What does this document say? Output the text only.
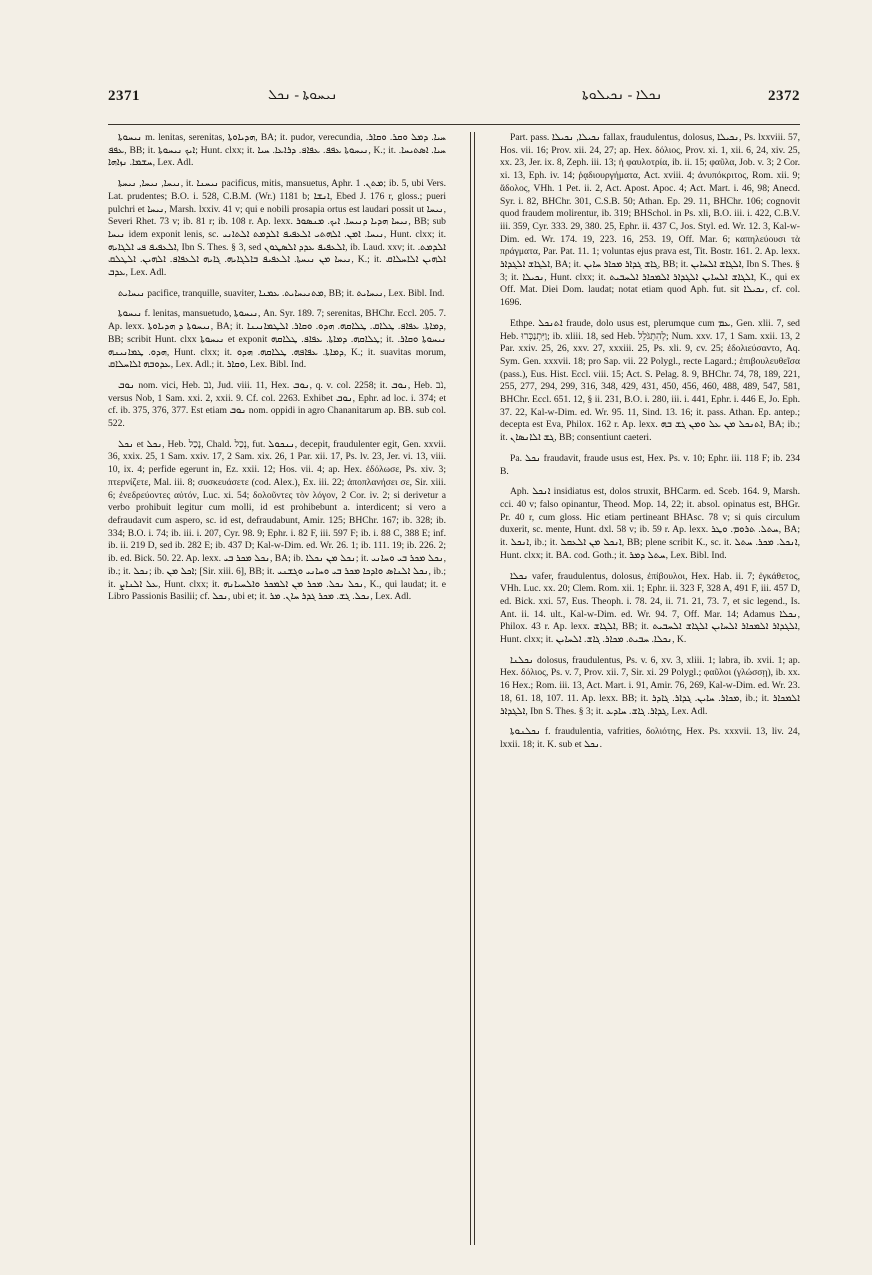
2371	ܢܝܚܘܬܐ - ܢܟܠ	ܢܟܠܐ - ܢܟܝܠܘܬܐ	2372

ܢܝܚܘܬܐ m. lenitas, serenitas, ܗܕܝܐܘܬܐ, BA; it. pudor, verecundia, ܚܝܐ. ܕܡܠ ܘܩܪ. ܘܩܐܪ. ܥܦܦ, BB; it. ܐܝܟ ܢܝܚܘܬܐ; Hunt. clxx; it. ܢܝܚܘܬܐ ܥܦܦ. ܥܦܐܦ. ܕܪܐܥܐ. ܚܝܐ, K.; it. ܚܝܐ. ܐܣܬܝܚܐ. ܚܫܡܐ. ܢܙܐܗܐ, Lex. Adl.

ܢܝܚܐ, ܢܝܚܐ, ܢܝܚܬܐ, it. ܢܝܚܢܐ pacificus, mitis, mansuetus, Aphr. ܡܬܢ. 1; ib. 5, ubi Vers. Lat. prudentes; B.O. i. 528, C.B.M. (Wr.) 1181 b; ܐܢܫܐ, Ebed J. 176 r, gloss.; pueri pulchri et ܢܝܚܐ, Marsh. lxxiv. 41 v; qui e nobili prosapia ortus est laudari possit ut ܢܝܚܐ, Severi Rhet. 73 v; ib. 81 r; ib. 108 r. Ap. lexx. ܢܝܚܐ ܗܕܝܐ ܕܢܝܚܐ. ܐܝܟ. ܡܢܣܘܪ, BB; sub ܢܝܚܐ idem exponit lenis, sc. ܢܝܚܐ. ܐܡܢ. ܐܠܗܬܝ ܐܠܥܦܝܦ ܐܠܕܡܬ ܐܠܬܐܢܝ, Hunt. clxx; it. ܐܠܥܦܝܦ ܦܝ ܐܠܓܐܝܗ, Ibn S. Thes. § 3, sed ܐܠܥܦܝܦ ܥܕܕ ܐܠܣܛܘܢ, ib. Laud. xxv; it. ܐܠܕܡܬ. ܢܝܚܐ ܡܢ ܢܝܚܬܐ. ܐܠܥܦܝܦ ܒܐܠܓܐܝܗ. ܓܐܝܗ ܐܠܥܦܐܦ. ܐܠܗܝܢ. ܐܠܛܠܩ, K.; it. ܐܠܗܝܢ ܐܠܐܚܠܐܩ ܥܕܒ, Lex. Adl.

ܢܝܚܐܝܬ pacifice, tranquille, suaviter, ܡܬܢܝܚܐܝܬ. ܥܡܢܐ, BB; it. ܢܝܚܐܝܬ, Lex. Bibl. Ind.

ܢܝܚܘܬܐ f. lenitas, mansuetudo, ܢܝܚܘܬܐ, An. Syr. 189. 7; serenitas, BHChr. Eccl. 205. 7. Ap. lexx. ܢܝܚܘܬܐ ܕ ܗܕܝܐܘܬܐ, BA; it. ܕܡܐܬܐ. ܥܦܐܦ. ܛܠܐܩ. ܛܠܐܩܗ. ܗܕܘ. ܘܩܐܪ. ܐܠܛܡܐܢܝܢܐ, BB; scribit Hunt. clxx ܢܝܚܘܬܐ et exponit ܛܠܐܩܗ. ܕܡܐܬܐ. ܥܦܐܦ. ܛܠܐܩܗ; it. ܢܝܚܘܬܐ ܘܩܐܪ. ܗܕܘ. ܛܡܐܢܝܢܗ, Hunt. clxx; it. ܕܡܐܬܐ. ܥܦܐܦܗ. ܛܠܐܩܗ. ܗܕܘ, K.; it. suavitas morum, ܥܕܘܒܗ ܐܠܐܚܠܐܩ, Lex. Adl.; it. ܘܩܐܪ, Lex. Bibl. Ind.

ܢܘܒ nom. vici, Heb. נֹב, Jud. viii. 11, Hex. ܢܘܒ, q. v. col. 2258; it. ܢܘܒ, Heb. נֹב, versus Nob, 1 Sam. xxi. 2, xxii. 9. Cf. col. 2263. Exhibet ܢܘܒ, Ephr. ad loc. i. 374; et cf. ib. 375, 376, 377. Est etiam ܢܘܒ nom. oppidi in agro Chananitarum ap. BB. sub col. 522.

ܢܟܠ et ܢܟܠ, Heb. נָכַל, Chald. נְכַל, fut. ܢܢܟܘܠ, decepit, fraudulenter egit, Gen. xxvii. 36, xxix. 25, 1 Sam. xxiv. 17, 2 Sam. xix. 26, 1 Par. xii. 17, Ps. lv. 23, Jer. vi. 13, viii. 10, ix. 4; perfide egerunt in, Ez. xxii. 12; Hos. vii. 4; ap. Hex. ἐδόλωσε, Ps. xiv. 3; πτερνίζετε, Mal. iii. 8; συσκευάσετε (cod. Alex.), Ex. iii. 22; ἀποπλανήσει σε, Sir. xiii. 6; ἐνεδρεύοντες αὐτόν, Luc. xi. 54; δολοῦντες τὸν λόγον, 2 Cor. iv. 2; si derivetur a verbo prohibuit legitur cum molli, id est prohibebunt a. interdicent; si vero a defraudavit cum aspero, sc. id est, defraudabunt, Amir. 125; BHChr. 167; ib. 328; ib. 334; B.O. i. 74; ib. iii. i. 207, Cyr. 98. 9; Ephr. i. 82 F, iii. 597 F; ib. i. 88 C, 388 E; inf. ib. ii. 219 D, sed ib. 282 E; ib. 437 D; Kal-w-Dim. ed. Wr. 26. 1; ib. 111. 19; ib. 226. 2; ib. ed. Bick. 50. 22. Ap. lexx. ܢܟܠ ܡܟܪ ܒܝ, BA; ib. ܢܟܠ ܡܢ ܢܟܠܐ; it. ܢܟܠ ܡܟܪ ܒܝ ܘܚܐܢܝ, ib.; it. ܢܟܠ; ib. ܐܟܠ ܡܢ; [Sir. xiii. 6], BB; it. ܢܟܠ ܐܠܢܐܣ ܘܐܕܟܐ ܡܟܪ ܒܝ ܘܚܐܢܝ ܘܓܫܢܝ, ib.; it. ܥܠ ܐܠܢܐܨ, Hunt. clxx; it. ܢܟܠ ܢܟܠ. ܡܟܪ ܡܢ ܐܠܡܟܪ ܘܐܠܚܝܐܢܗ, K., qui laudat; it. e Libro Passionis Basilii; cf. ܢܟܠ, ubi et; it. ܢܟܠ. ܓܫ. ܡܟܪ ܓܕܪ ܚܐܢ. ܡܪ, Lex. Adl.

Part. pass. ܢܟܝܠܐ, ܢܟܝܠܐ fallax, fraudulentus, dolosus, ܢܟܝܠܐ, Ps. lxxviii. 57, Hos. vii. 16; Prov. xii. 24, 27; ap. Hex. δόλιος, Prov. xi. 1, xii. 6, 24, xiv. 25, xx. 23, Jer. ix. 8, Zeph. iii. 13; ἡ φαυλοτρία, ib. ii. 15; φαῦλα, Job. v. 3; 2 Cor. xi. 13, Eph. iv. 14; ῥᾳδιουργήματα, Act. xviii. 4; ἀνυπόκριτος, Rom. xii. 9; ἄδολος, VHh. 1 Pet. ii. 2, Act. Apost. Apoc. 4; Act. Mart. i. 46, 98; Anecd. Syr. i. 82, BHChr. 301, C.S.B. 50; Athan. Ep. 29. 11, BHChr. 106; cognovit quod fraudem molirentur, ib. 319; BHSchol. in Ps. xli, B.O. iii. i. 422, C.B.V. iii. 359, Cyr. 333. 29, 380. 25, Ephr. ii. 437 C, Jos. Styl. ed. Wr. 12. 3, Kal-w-Dim. ed. Wr. 174. 19, 223. 16, 253. 19, Off. Mar. 6; καπηλεύουσι τὰ πράγματα, Par. Pat. 11. 1; voluntas ejus prava est, Tit. Bostr. 161. 2. Ap. lexx. ܐܠܓܐܫ ܐܠܓܕܐܪ, BA; it. ܓܐܫ ܓܕܐܪ ܡܟܐܪ ܚܐܝܢ, BB; it. ܐܠܓܐܫ ܐܠܚܐܝܢ, Ibn S. Thes. § 3; it. ܢܟܝܠܐ, Hunt. clxx; it. ܐܠܓܐܫ ܐܠܚܐܝܢ ܐܠܓܕܐܪ ܐܠܡܟܐܪ ܐܠܚܒܝܬ, K., qui ex Off. Mat. Diei Dom. laudat; notat etiam quod Aph. fut. sit ܢܟܝܠܐ, cf. col. 1696.

Ethpe. ܐܬܢܟܠ fraude, dolo usus est, plerumque cum ܥܡ, Gen. xlii. 7, sed Heb. וַיִּתְנַכְּרוּ; ib. xliii. 18, sed Heb. לְהִתְגֹּלֵל; Num. xxv. 17, 1 Sam. xxii. 13, 2 Par. xxiv. 25, 26, xxv. 27, xxxiii. 25, Ps. xli. 9, cv. 25; ἐδολιεύσαντο, Aq. Sym. Gen. xxxvii. 18; pro Sap. vii. 22 Polygl., recte Lagard.; ἐπιβουλευθεῖσα (pass.), Eus. Hist. Eccl. viii. 15; Act. S. Pelag. 8. 9, BHChr. 74, 78, 189, 221, 255, 277, 294, 299, 316, 348, 429, 431, 450, 456, 460, 488, 489, 547, 581, BHChr. Eccl. 651. 12, § ii. 231, B.O. i. 280, iii. i. 441, Ephr. i. 446 E, Jo. Eph. 37. 22, Kal-w-Dim. ed. Wr. 95. 11, Sind. 13. 16; it. pass. Athan. Ep. antep.; decepta est Eva, Philox. 162 r. Ap. lexx. ܐܬܢܟܠ ܡܢ ܥܠ ܘܡܢ ܓܫ ܒܗ, BA; ib.; it. ܓܫ ܐܠܐܢܣܐܢ, BB; consentiunt caeteri.

Pa. ܢܟܠ fraudavit, fraude usus est, Hex. Ps. v. 10; Ephr. iii. 118 F; ib. 234 B.

Aph. ܐܢܟܠ insidiatus est, dolos struxit, BHCarm. ed. Sceb. 164. 9, Marsh. cci. 40 v; falso opinantur, Theod. Mop. 14, 22; it. absol. opinatus est, BHGr. Pr. 40 r, cum gloss. Hic etiam pertineant BHAsc. 78 v; si quis circulum duxerit, sc. mente, Hunt. dxl. 58 v; ib. 59 r. Ap. lexx. ܚܬܠ. ܬܪܘܡ. ܘܛܪ, BA; it. ܐܢܟܠ, ib.; it. ܐܢܟܠ ܡܢ ܐܠܥܩܠ, BB; plene scribit K., sc. it. ܐܢܟܠ. ܡܟܪ. ܚܬܠ, Hunt. clxx; it. BA. cod. Goth.; it. ܚܬܠ ܕܡܪ, Lex. Bibl. Ind.

ܢܟܠܐ vafer, fraudulentus, dolosus, ἐπίβουλοι, Hex. Hab. ii. 7; ἐγκάθετος, VHh. Luc. xx. 20; Clem. Rom. xii. 1; Ephr. ii. 323 F, 328 A, 491 F, iii. 457 D, ed. Bick. xxi. 57, Eus. Theoph. i. 78. 24, ii. 71. 21, 73. 7, et sic legend., Is. Ant. ii. 14. ult., Kal-w-Dim. ed. Wr. 94. 7, Off. Mar. 14; Adamus ܢܟܠܐ, Philox. 43 r. Ap. lexx. ܐܠܓܐܫ, BB; it. ܐܠܓܕܐܪ ܐܠܡܟܐܪ ܐܠܚܐܝܢ ܐܠܓܐܫ ܐܠܚܒܝܬ, Hunt. clxx; it. ܢܟܠܐ. ܚܒܝܬ. ܡܟܐܪ. ܓܐܫ. ܐܠܚܐܝܢ, K.

ܢܟܠܢܐ dolosus, fraudulentus, Ps. v. 6, xv. 3, xliii. 1; labra, ib. xvii. 1; ap. Hex. δόλιος, Ps. v. 7, Prov. xii. 7, Sir. xi. 29 Polygl.; φαῦλοι (γλώσσῃ), ib. xx. 16 Hex.; Rom. iii. 13, Act. Mart. i. 91, Amir. 76, 269, Kal-w-Dim. ed. Wr. 23. 18, 61. 18, 107. 11. Ap. lexx. BB; it. ܡܟܐܪ. ܚܐܝܢ. ܓܕܐܪ. ܓܐܕܪ, ib.; it. ܐܠܡܟܐܪ ܐܠܓܕܐܪ, Ibn S. Thes. § 3; it. ܓܕܐܪ. ܓܐܫ. ܚܐܕܥ, Lex. Adl.

ܢܟܠܢܘܬܐ f. fraudulentia, vafrities, δολιότης, Hex. Ps. xxxvii. 13, liv. 24, lxxii. 18; it. K. sub et ܢܟܠ.
